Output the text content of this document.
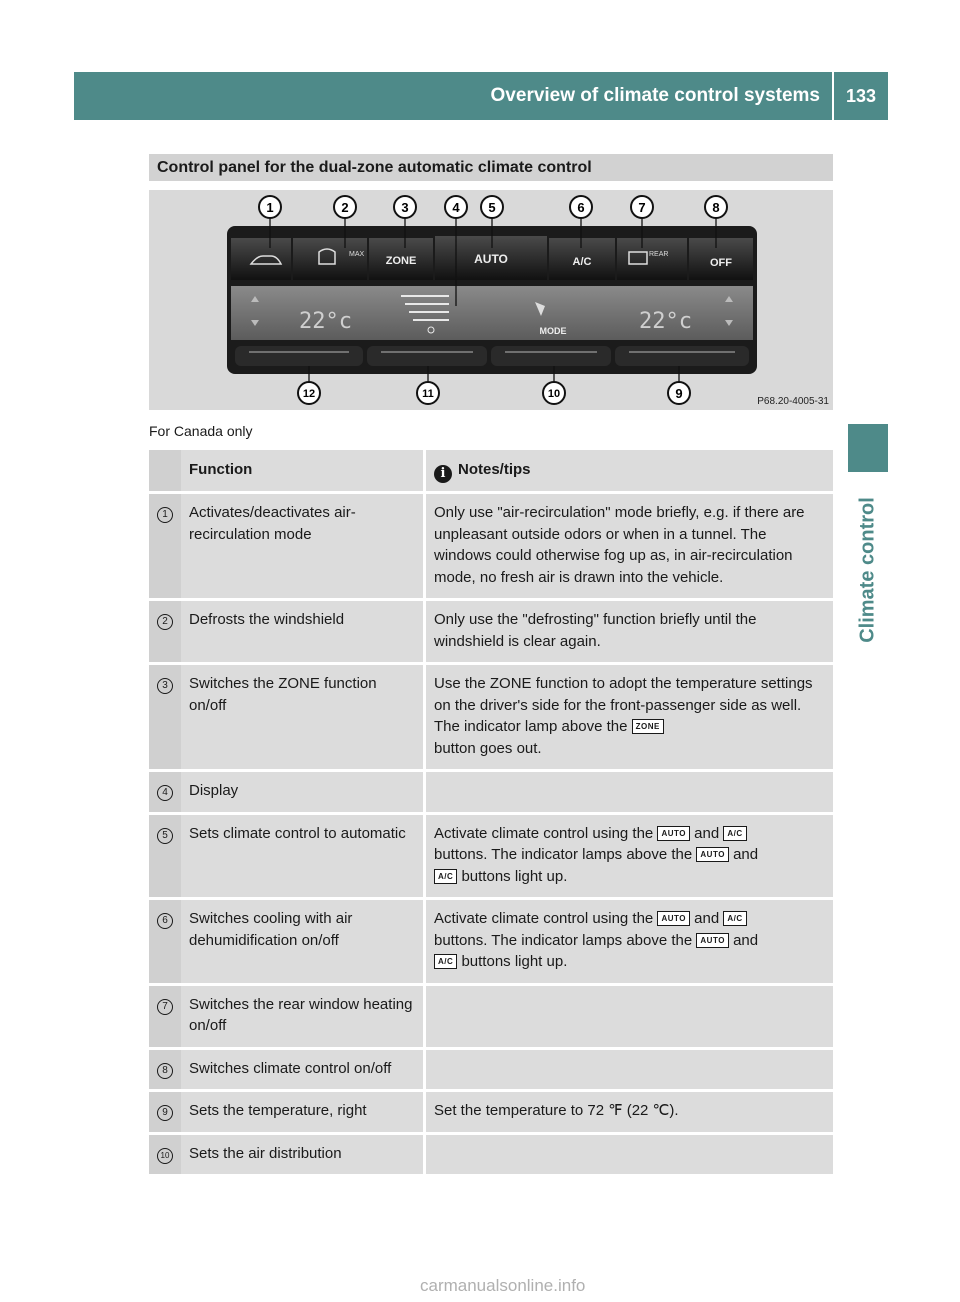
Overview of climate control systems	133
Climate control
Control panel for the dual-zone automatic climate control
MAX
ZONE	AUTO	A/C
REAR
OFF
22°c	22°c
MODE
1	2	3	4 5	6	7	8
12	11	10	9
P68.20-4005-31
For Canada only
	Function	i Notes/tips
1	Activates/deactivates air-recirculation mode	Only use "air-recirculation" mode briefly, e.g. if there are unpleasant outside odors or when in a tunnel. The windows could otherwise fog up as, in air-recirculation mode, no fresh air is drawn into the vehicle.
2	Defrosts the windshield	Only use the "defrosting" function briefly until the windshield is clear again.
3	Switches the ZONE function on/off	Use the ZONE function to adopt the temperature settings on the driver's side for the front-passenger side as well. The indicator lamp above the ZONE
button goes out.
4	Display	
5	Sets climate control to automatic	Activate climate control using the AUTO and A/C
buttons. The indicator lamps above the AUTO and
A/C buttons light up.
6	Switches cooling with air dehumidification on/off	Activate climate control using the AUTO and A/C
buttons. The indicator lamps above the AUTO and
A/C buttons light up.
7	Switches the rear window heating on/off	
8	Switches climate control on/off	
9	Sets the temperature, right	Set the temperature to 72 ℉ (22 ℃).
10	Sets the air distribution	
carmanualsonline.info
